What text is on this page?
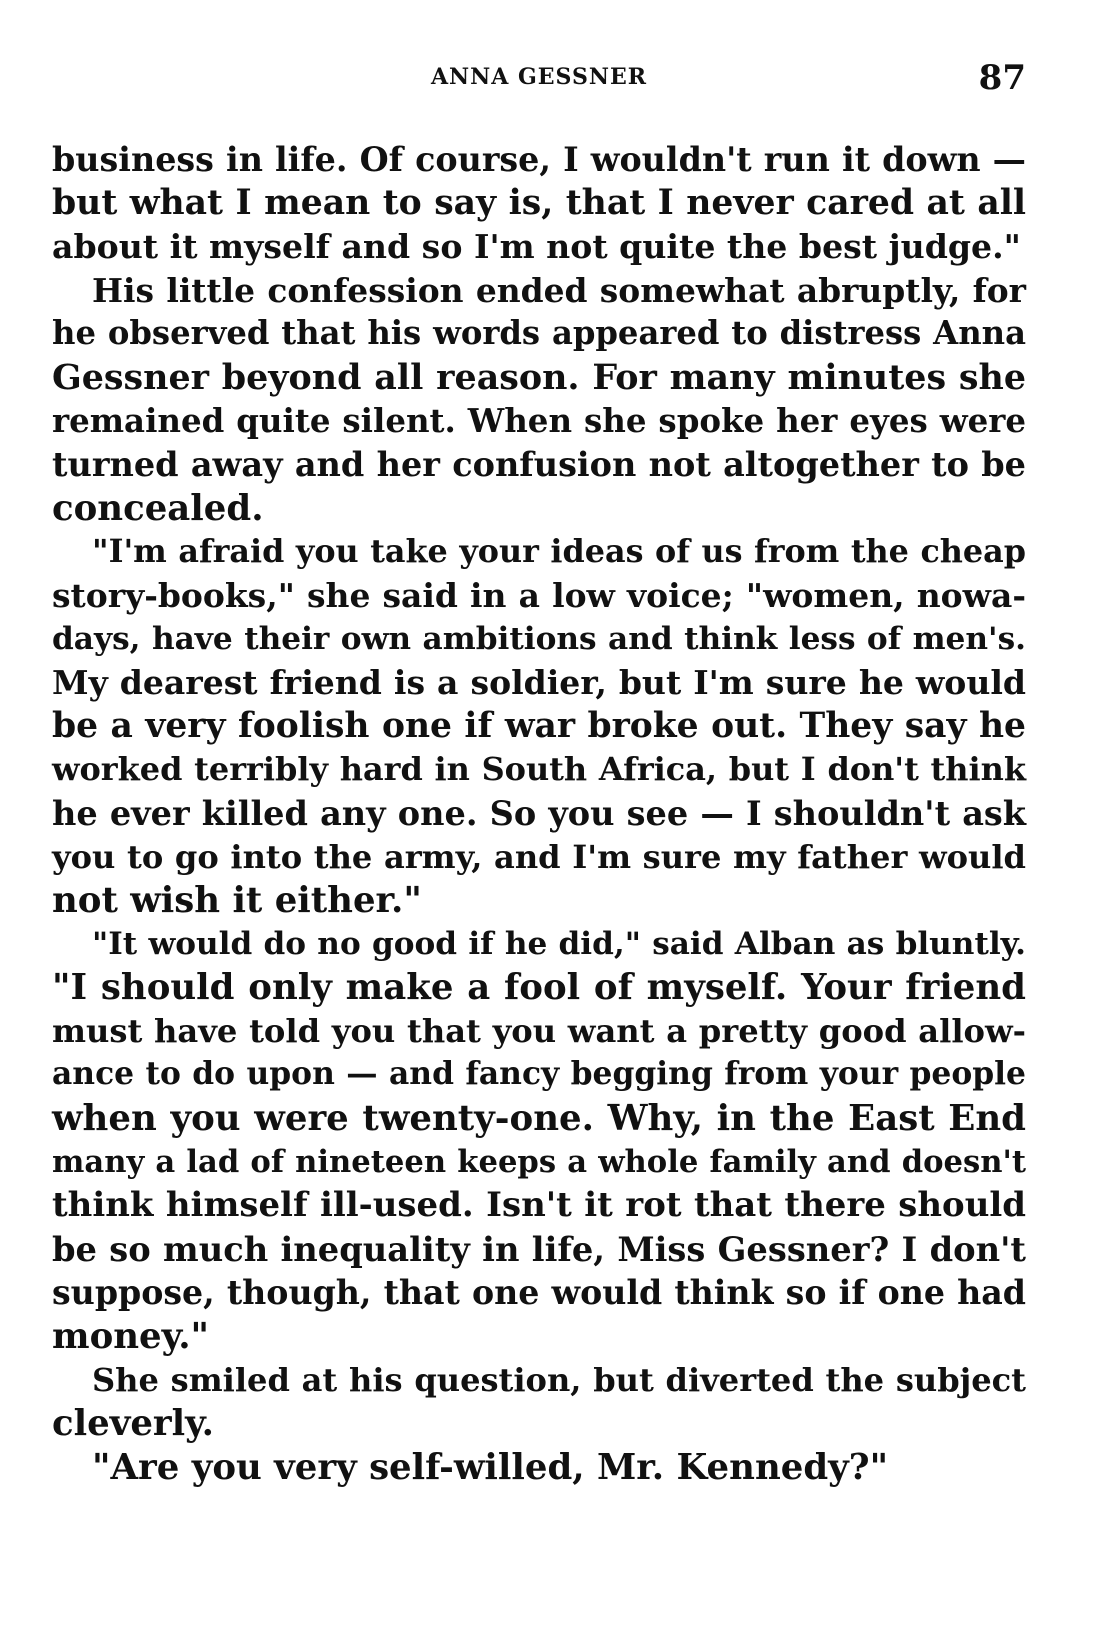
ANNA GESSNER	87
business in life. Of course, I wouldn't run it down —
but what I mean to say is, that I never cared at all
about it myself and so I'm not quite the best judge."
His little confession ended somewhat abruptly, for
he observed that his words appeared to distress Anna
Gessner beyond all reason. For many minutes she
remained quite silent. When she spoke her eyes were
turned away and her confusion not altogether to be
concealed.
"I'm afraid you take your ideas of us from the cheap
story-books," she said in a low voice; "women, nowa-
days, have their own ambitions and think less of men's.
My dearest friend is a soldier, but I'm sure he would
be a very foolish one if war broke out. They say he
worked terribly hard in South Africa, but I don't think
he ever killed any one. So you see — I shouldn't ask
you to go into the army, and I'm sure my father would
not wish it either."
"It would do no good if he did," said Alban as bluntly.
"I should only make a fool of myself. Your friend
must have told you that you want a pretty good allow-
ance to do upon — and fancy begging from your people
when you were twenty-one. Why, in the East End
many a lad of nineteen keeps a whole family and doesn't
think himself ill-used. Isn't it rot that there should
be so much inequality in life, Miss Gessner? I don't
suppose, though, that one would think so if one had
money."
She smiled at his question, but diverted the subject
cleverly.
"Are you very self-willed, Mr. Kennedy?"
